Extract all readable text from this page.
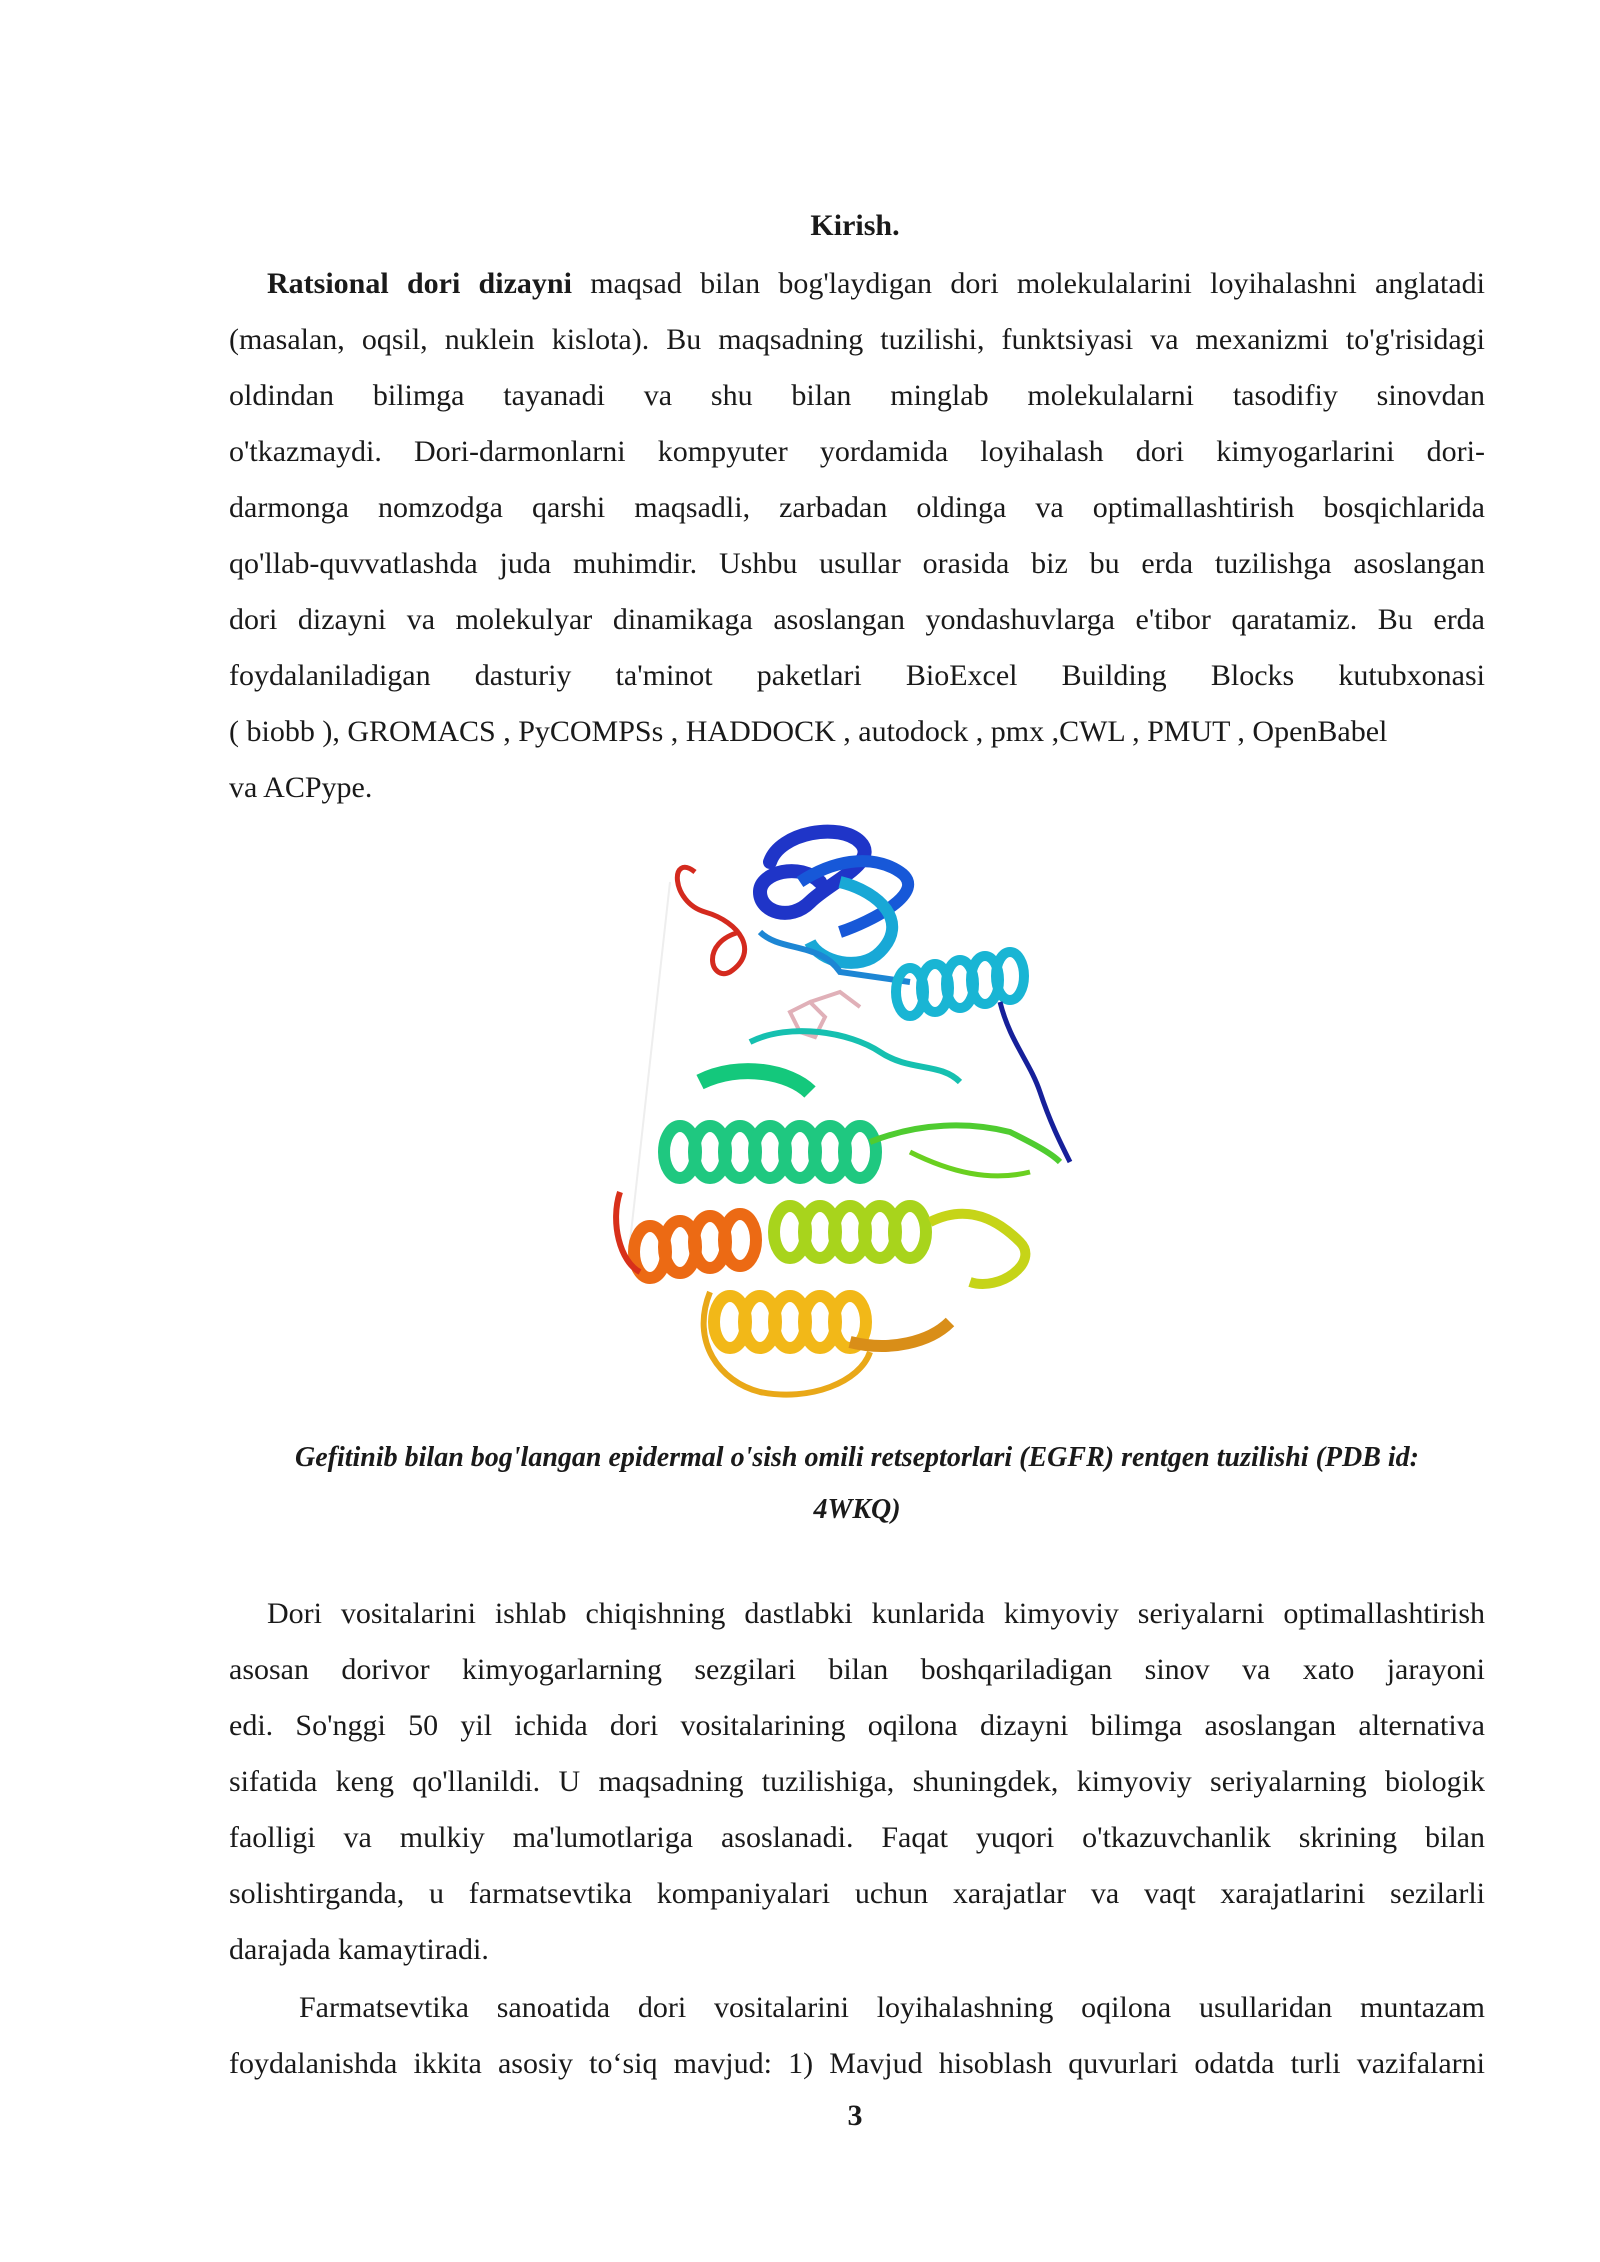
Kirish.
Ratsional dori dizayni maqsad bilan bog'laydigan dori molekulalarini loyihalashni anglatadi
(masalan, oqsil, nuklein kislota). Bu maqsadning tuzilishi, funktsiyasi va mexanizmi to'g'risidagi
oldindan bilimga tayanadi va shu bilan minglab molekulalarni tasodifiy sinovdan
o'tkazmaydi. Dori-darmonlarni kompyuter yordamida loyihalash dori kimyogarlarini dori-
darmonga nomzodga qarshi maqsadli, zarbadan oldinga va optimallashtirish bosqichlarida
qo'llab-quvvatlashda juda muhimdir. Ushbu usullar orasida biz bu erda tuzilishga asoslangan
dori dizayni va molekulyar dinamikaga asoslangan yondashuvlarga e'tibor qaratamiz. Bu erda
foydalaniladigan dasturiy ta'minot paketlari BioExcel Building Blocks kutubxonasi
( biobb ), GROMACS , PyCOMPSs , HADDOCK , autodock , pmx ,CWL , PMUT , OpenBabel
va ACPype.
Gefitinib bilan bog'langan epidermal o'sish omili retseptorlari (EGFR) rentgen tuzilishi (PDB id:
4WKQ)
Dori vositalarini ishlab chiqishning dastlabki kunlarida kimyoviy seriyalarni optimallashtirish
asosan dorivor kimyogarlarning sezgilari bilan boshqariladigan sinov va xato jarayoni
edi. So'nggi 50 yil ichida dori vositalarining oqilona dizayni bilimga asoslangan alternativa
sifatida keng qo'llanildi. U maqsadning tuzilishiga, shuningdek, kimyoviy seriyalarning biologik
faolligi va mulkiy ma'lumotlariga asoslanadi. Faqat yuqori o'tkazuvchanlik skrining bilan
solishtirganda, u farmatsevtika kompaniyalari uchun xarajatlar va vaqt xarajatlarini sezilarli
darajada kamaytiradi.
Farmatsevtika sanoatida dori vositalarini loyihalashning oqilona usullaridan muntazam
foydalanishda ikkita asosiy to‘siq mavjud: 1) Mavjud hisoblash quvurlari odatda turli vazifalarni
3
